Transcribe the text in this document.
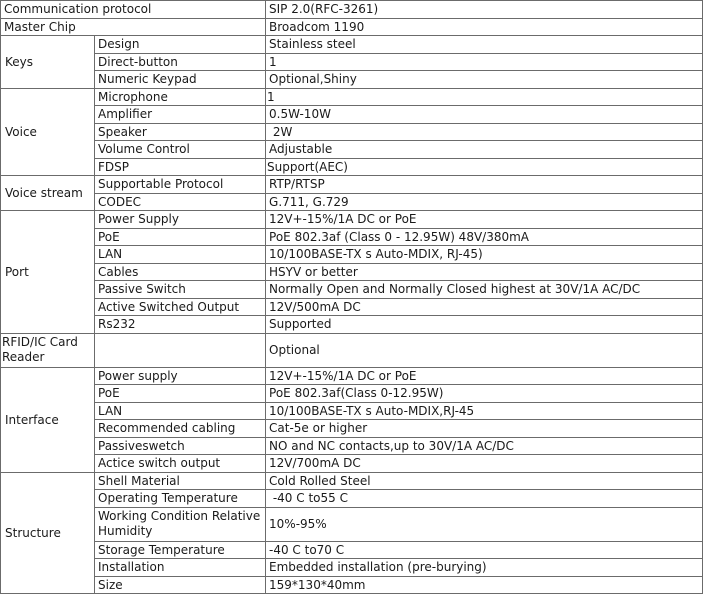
Communication protocol		SIP 2.0(RFC-3261)
Master Chip		Broadcom 1190
Keys	Design	Stainless steel
	Direct-button	1
	Numeric Keypad	Optional,Shiny
Voice	Microphone	1
	Amplifier	0.5W-10W
	Speaker	2W
	Volume Control	Adjustable
	FDSP	Support(AEC)
Voice stream	Supportable Protocol	RTP/RTSP
	CODEC	G.711, G.729
Port	Power Supply	12V+-15%/1A DC or PoE
	PoE	PoE 802.3af (Class 0 - 12.95W) 48V/380mA
	LAN	10/100BASE-TX s Auto-MDIX, RJ-45)
	Cables	HSYV or better
	Passive Switch	Normally Open and Normally Closed highest at 30V/1A AC/DC
	Active Switched Output	12V/500mA DC
	Rs232	Supported
RFID/IC Card Reader		Optional
Interface	Power supply	12V+-15%/1A DC or PoE
	PoE	PoE 802.3af(Class 0-12.95W)
	LAN	10/100BASE-TX s Auto-MDIX,RJ-45
	Recommended cabling	Cat-5e or higher
	Passiveswetch	NO and NC contacts,up to 30V/1A AC/DC
	Actice switch output	12V/700mA DC
Structure	Shell Material	Cold Rolled Steel
	Operating Temperature	-40 C to55 C
	Working Condition Relative Humidity	10%-95%
	Storage Temperature	-40 C to70 C
	Installation	Embedded installation (pre-burying)
	Size	159*130*40mm
